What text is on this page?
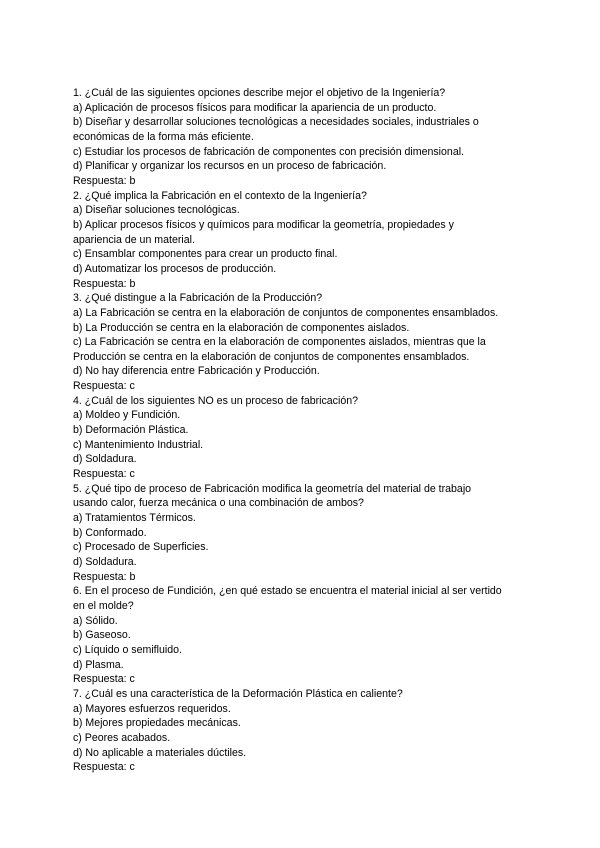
1. ¿Cuál de las siguientes opciones describe mejor el objetivo de la Ingeniería?
a) Aplicación de procesos físicos para modificar la apariencia de un producto.
b) Diseñar y desarrollar soluciones tecnológicas a necesidades sociales, industriales o
económicas de la forma más eficiente.
c) Estudiar los procesos de fabricación de componentes con precisión dimensional.
d) Planificar y organizar los recursos en un proceso de fabricación.
Respuesta: b
2. ¿Qué implica la Fabricación en el contexto de la Ingeniería?
a) Diseñar soluciones tecnológicas.
b) Aplicar procesos físicos y químicos para modificar la geometría, propiedades y
apariencia de un material.
c) Ensamblar componentes para crear un producto final.
d) Automatizar los procesos de producción.
Respuesta: b
3. ¿Qué distingue a la Fabricación de la Producción?
a) La Fabricación se centra en la elaboración de conjuntos de componentes ensamblados.
b) La Producción se centra en la elaboración de componentes aislados.
c) La Fabricación se centra en la elaboración de componentes aislados, mientras que la
Producción se centra en la elaboración de conjuntos de componentes ensamblados.
d) No hay diferencia entre Fabricación y Producción.
Respuesta: c
4. ¿Cuál de los siguientes NO es un proceso de fabricación?
a) Moldeo y Fundición.
b) Deformación Plástica.
c) Mantenimiento Industrial.
d) Soldadura.
Respuesta: c
5. ¿Qué tipo de proceso de Fabricación modifica la geometría del material de trabajo
usando calor, fuerza mecánica o una combinación de ambos?
a) Tratamientos Térmicos.
b) Conformado.
c) Procesado de Superficies.
d) Soldadura.
Respuesta: b
6. En el proceso de Fundición, ¿en qué estado se encuentra el material inicial al ser vertido
en el molde?
a) Sólido.
b) Gaseoso.
c) Líquido o semifluido.
d) Plasma.
Respuesta: c
7. ¿Cuál es una característica de la Deformación Plástica en caliente?
a) Mayores esfuerzos requeridos.
b) Mejores propiedades mecánicas.
c) Peores acabados.
d) No aplicable a materiales dúctiles.
Respuesta: c
